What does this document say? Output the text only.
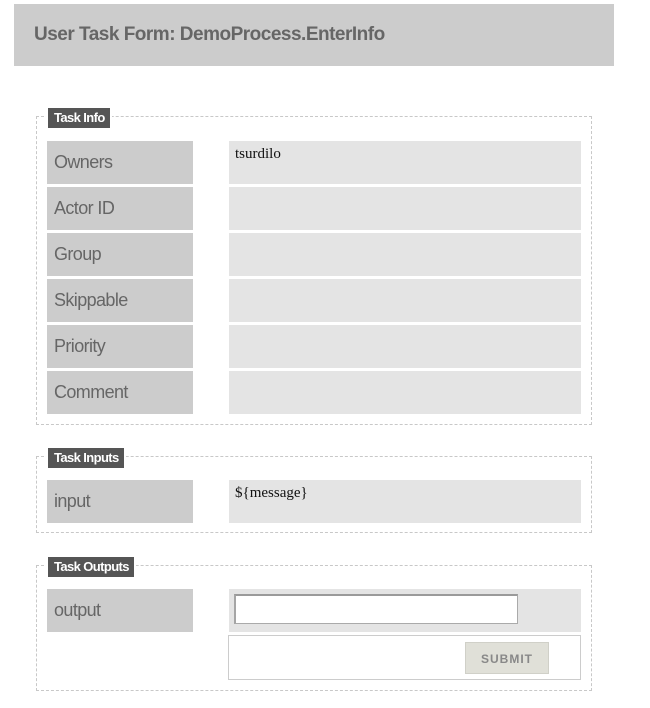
User Task Form: DemoProcess.EnterInfo
Task Info
Owners	tsurdilo
Actor ID
Group
Skippable
Priority
Comment
Task Inputs
input	${message}
Task Outputs
output
SUBMIT
